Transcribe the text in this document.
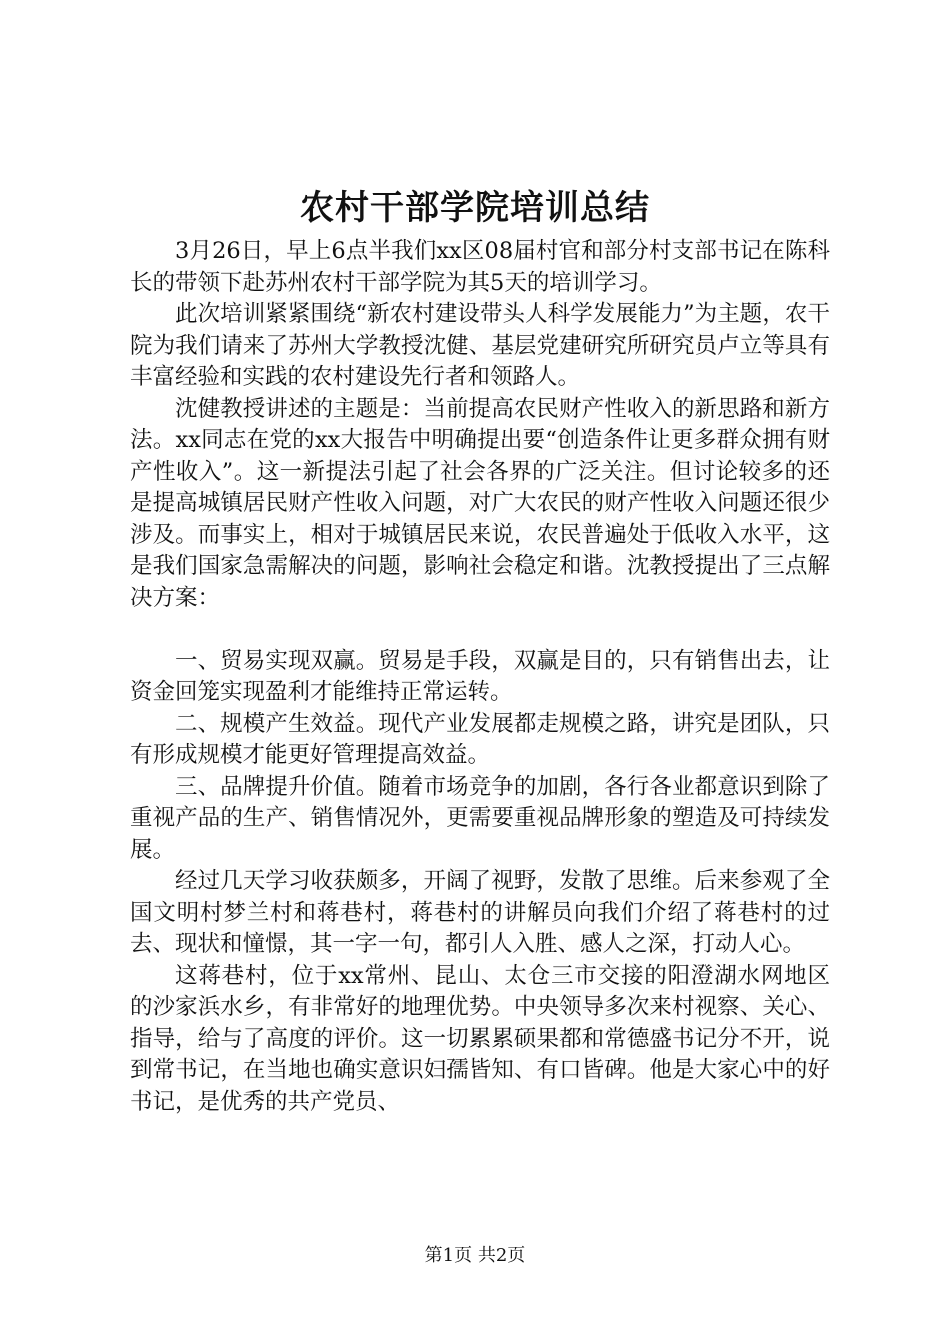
农村干部学院培训总结

3月26日，早上6点半我们xx区08届村官和部分村支部书记在陈科长的带领下赴苏州农村干部学院为其5天的培训学习。

此次培训紧紧围绕“新农村建设带头人科学发展能力”为主题，农干院为我们请来了苏州大学教授沈健、基层党建研究所研究员卢立等具有丰富经验和实践的农村建设先行者和领路人。

沈健教授讲述的主题是：当前提高农民财产性收入的新思路和新方法。xx同志在党的xx大报告中明确提出要“创造条件让更多群众拥有财产性收入”。这一新提法引起了社会各界的广泛关注。但讨论较多的还是提高城镇居民财产性收入问题，对广大农民的财产性收入问题还很少涉及。而事实上，相对于城镇居民来说，农民普遍处于低收入水平，这是我们国家急需解决的问题，影响社会稳定和谐。沈教授提出了三点解决方案：

一、贸易实现双赢。贸易是手段，双赢是目的，只有销售出去，让资金回笼实现盈利才能维持正常运转。

二、规模产生效益。现代产业发展都走规模之路，讲究是团队，只有形成规模才能更好管理提高效益。

三、品牌提升价值。随着市场竞争的加剧，各行各业都意识到除了重视产品的生产、销售情况外，更需要重视品牌形象的塑造及可持续发展。

经过几天学习收获颇多，开阔了视野，发散了思维。后来参观了全国文明村梦兰村和蒋巷村，蒋巷村的讲解员向我们介绍了蒋巷村的过去、现状和憧憬，其一字一句，都引人入胜、感人之深，打动人心。

这蒋巷村，位于xx常州、昆山、太仓三市交接的阳澄湖水网地区的沙家浜水乡，有非常好的地理优势。中央领导多次来村视察、关心、指导，给与了高度的评价。这一切累累硕果都和常德盛书记分不开，说到常书记，在当地也确实意识妇孺皆知、有口皆碑。他是大家心中的好书记，是优秀的共产党员、

第1页 共2页
